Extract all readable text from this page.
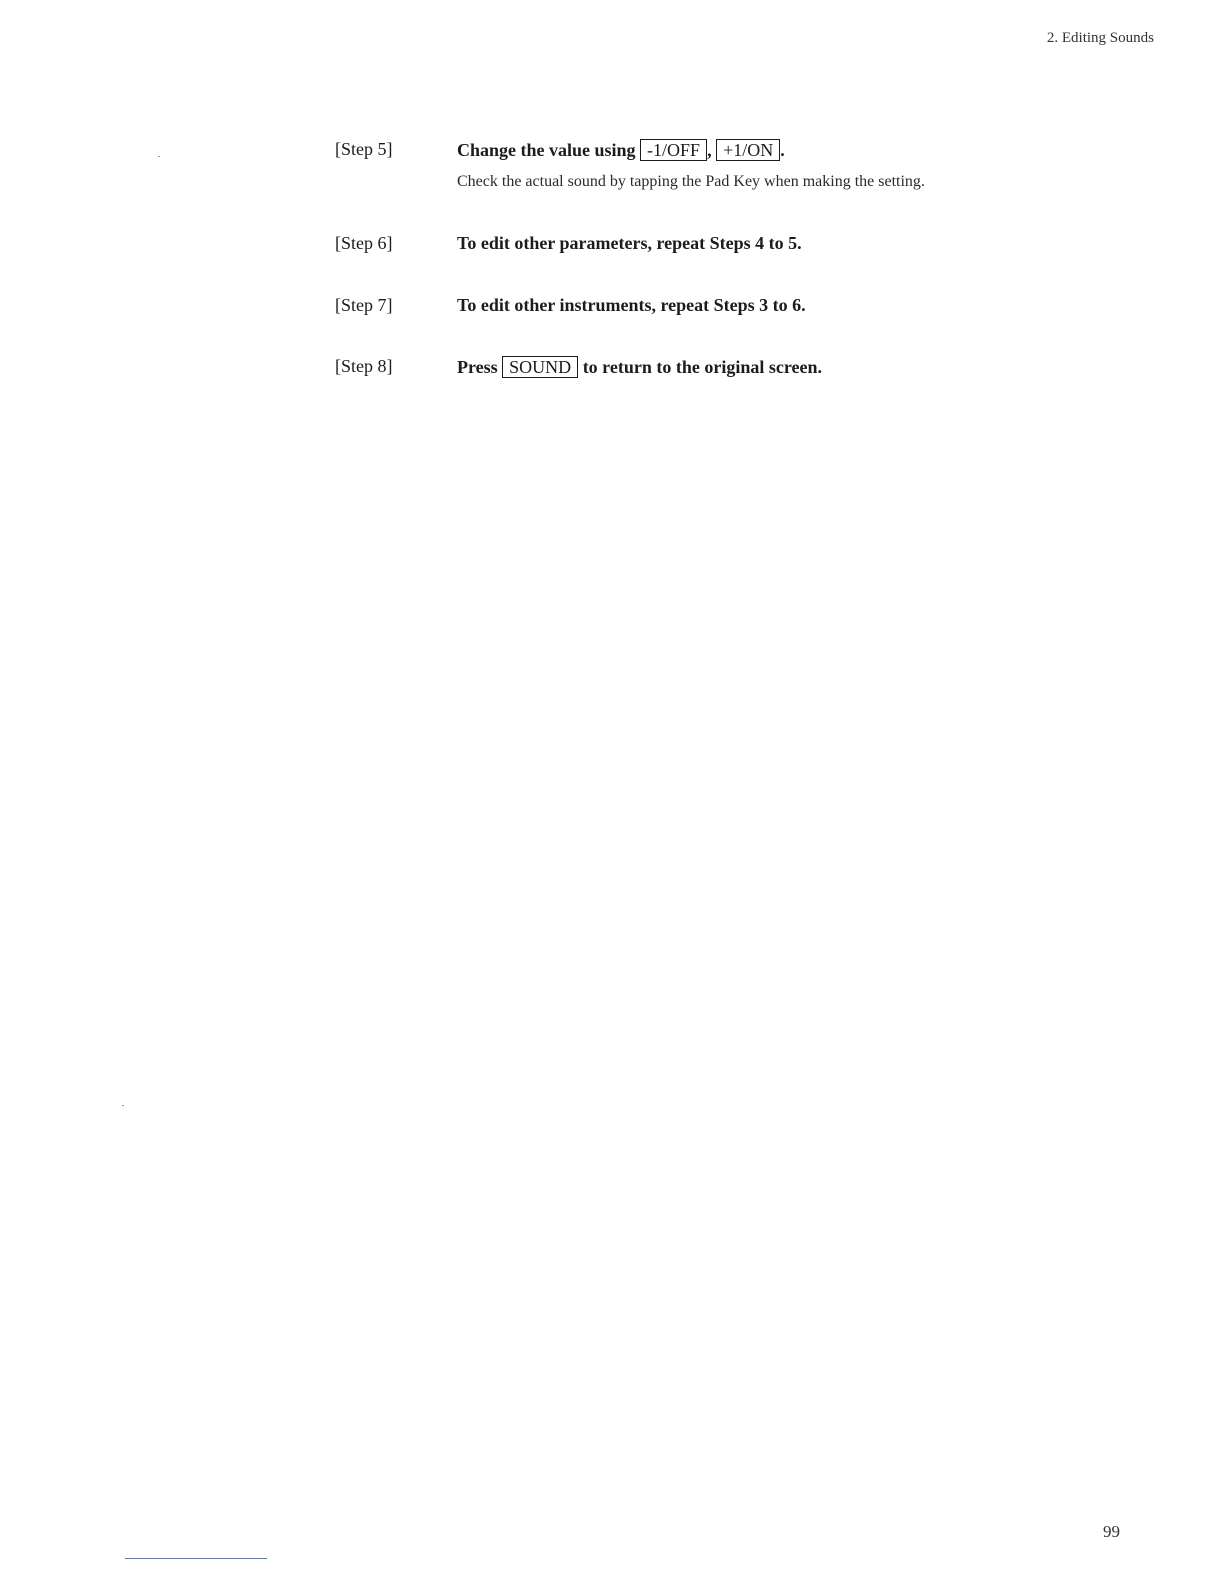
2. Editing Sounds
[Step 5]	Change the value using -1/OFF , +1/ON .
Check the actual sound by tapping the Pad Key when making the setting.
[Step 6]	To edit other parameters, repeat Steps 4 to 5.
[Step 7]	To edit other instruments, repeat Steps 3 to 6.
[Step 8]	Press SOUND to return to the original screen.
99
